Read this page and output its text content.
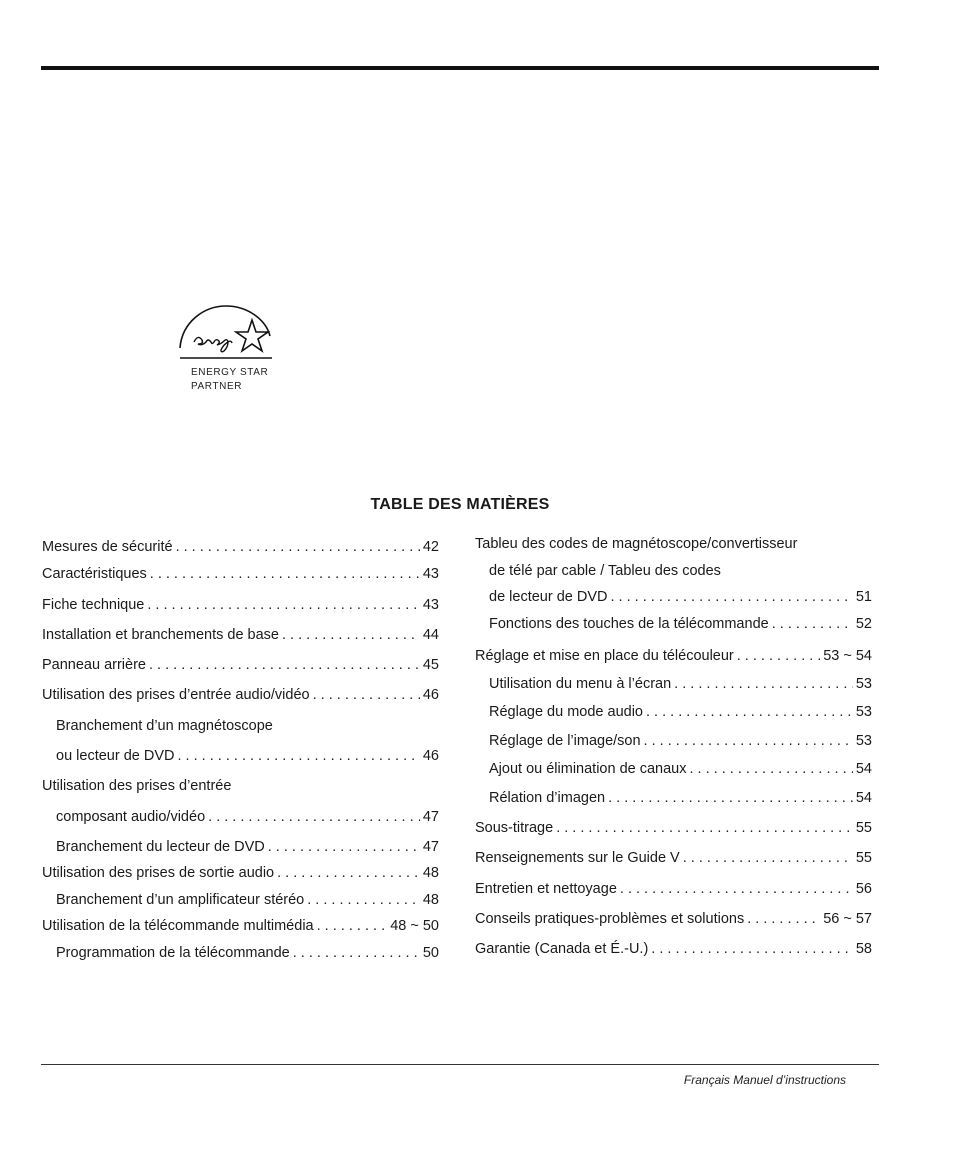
ENERGY STAR
PARTNER
TABLE DES MATIÈRES
Mesures de sécurité . . .	42
Caractéristiques . . .	43
Fiche technique . . .	43
Installation et branchements de base . . .	44
Panneau arrière . . .	45
Utilisation des prises d’entrée audio/vidéo . . .	46
Branchement d’un magnétoscope
ou lecteur de DVD . . .	46
Utilisation des prises d’entrée
composant audio/vidéo . . .	47
Branchement du lecteur de DVD . . .	47
Utilisation des prises de sortie audio . . .	48
Branchement d’un amplificateur stéréo . . .	48
Utilisation de la télécommande multimédia . . .	48 ~ 50
Programmation de la télécommande . . .	50
Tableu des codes de magnétoscope/convertisseur
de télé par cable / Tableu des codes
de lecteur de DVD . . .	51
Fonctions des touches de la télécommande . . .	52
Réglage et mise en place du télécouleur . . .	53 ~ 54
Utilisation du menu à l’écran . . .	53
Réglage du mode audio . . .	53
Réglage de l’image/son . . .	53
Ajout ou élimination de canaux . . .	54
Rélation d’imagen . . .	54
Sous-titrage . . .	55
Renseignements sur le Guide V . . .	55
Entretien et nettoyage . . .	56
Conseils pratiques-problèmes et solutions . . .	56 ~ 57
Garantie (Canada et É.-U.) . . .	58
Français Manuel d’instructions
